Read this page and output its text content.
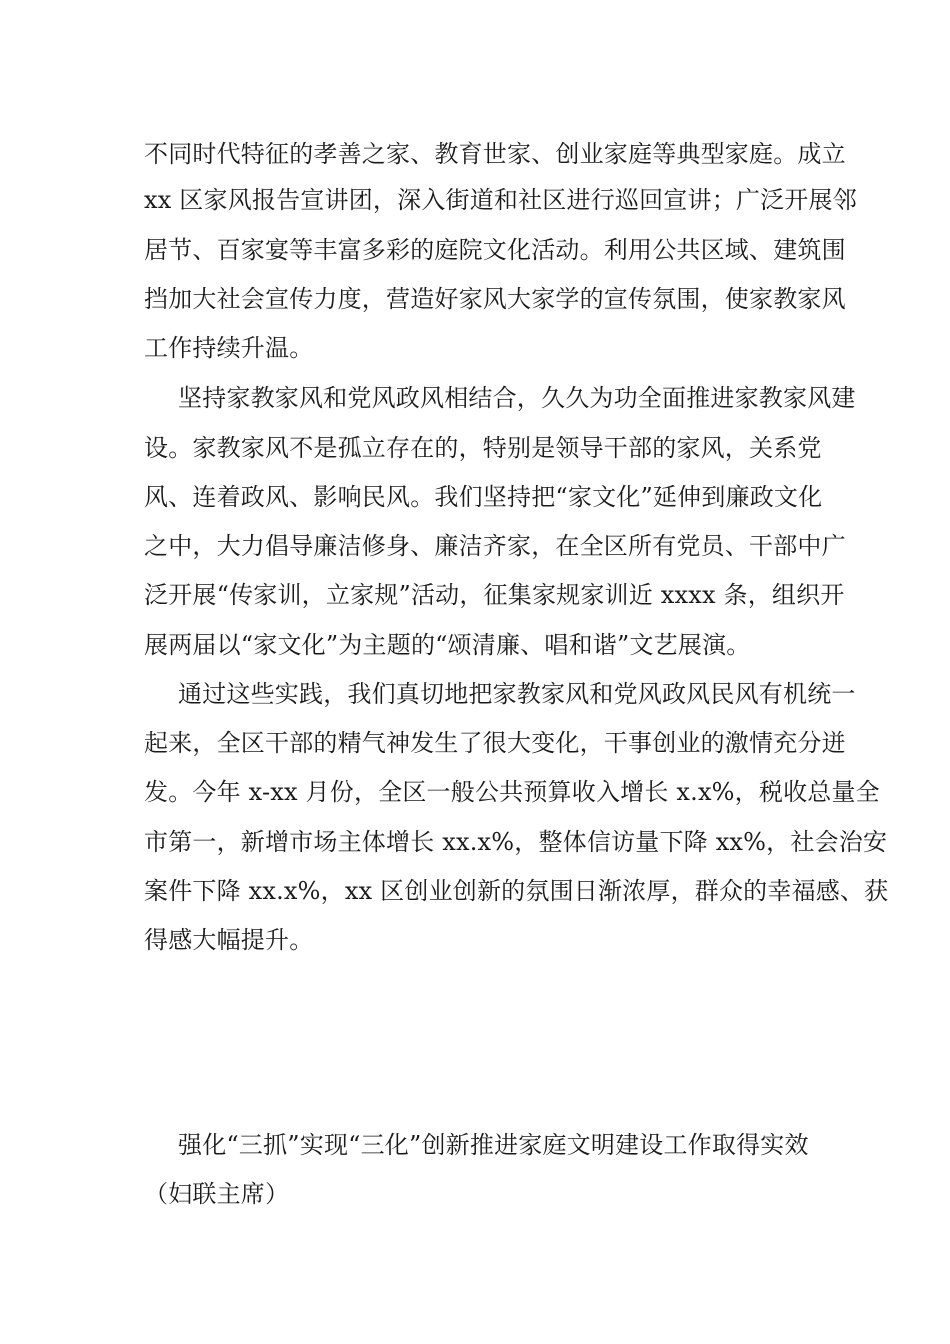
不同时代特征的孝善之家、教育世家、创业家庭等典型家庭。成立
xx 区家风报告宣讲团，深入街道和社区进行巡回宣讲；广泛开展邻
居节、百家宴等丰富多彩的庭院文化活动。利用公共区域、建筑围
挡加大社会宣传力度，营造好家风大家学的宣传氛围，使家教家风
工作持续升温。
坚持家教家风和党风政风相结合，久久为功全面推进家教家风建
设。家教家风不是孤立存在的，特别是领导干部的家风，关系党
风、连着政风、影响民风。我们坚持把“家文化”延伸到廉政文化
之中，大力倡导廉洁修身、廉洁齐家，在全区所有党员、干部中广
泛开展“传家训，立家规”活动，征集家规家训近 xxxx 条，组织开
展两届以“家文化”为主题的“颂清廉、唱和谐”文艺展演。
通过这些实践，我们真切地把家教家风和党风政风民风有机统一
起来，全区干部的精气神发生了很大变化，干事创业的激情充分迸
发。今年 x-xx 月份，全区一般公共预算收入增长 x.x%，税收总量全
市第一，新增市场主体增长 xx.x%，整体信访量下降 xx%，社会治安
案件下降 xx.x%，xx 区创业创新的氛围日渐浓厚，群众的幸福感、获
得感大幅提升。
强化“三抓”实现“三化”创新推进家庭文明建设工作取得实效
（妇联主席）
